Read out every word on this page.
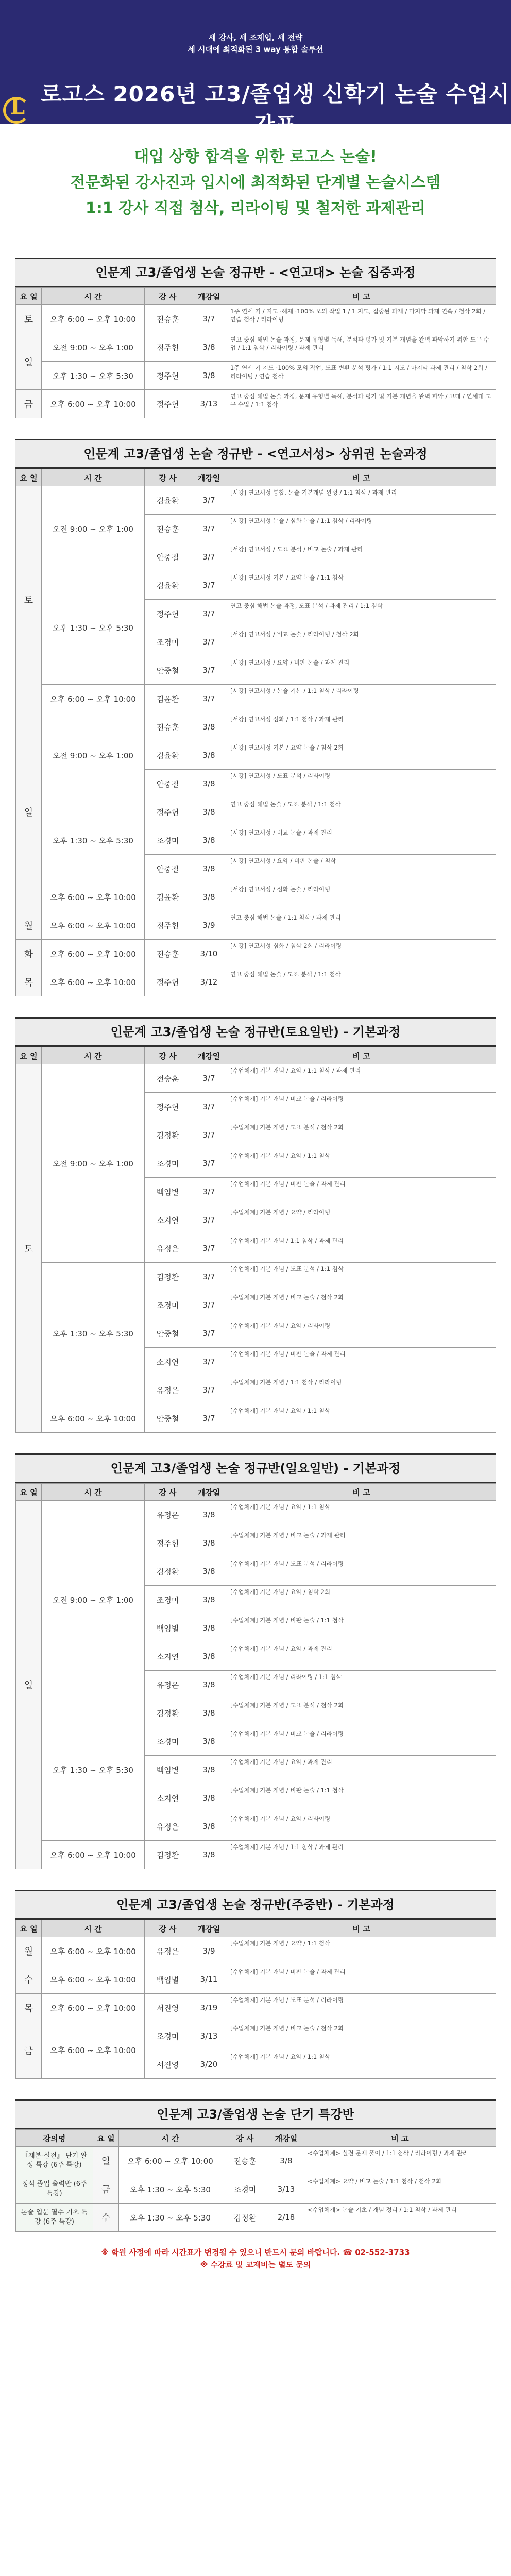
세 강사, 세 조제입, 세 전략
세 시대에 최적화된 3 way 통합 솔루션
L
로고스 2026년 고3/졸업생 신학기 논술 수업시간표
대입 상향 합격을 위한 로고스 논술!
전문화된 강사진과 입시에 최적화된 단계별 논술시스템
1:1 강사 직접 첨삭, 리라이팅 및 철저한 과제관리
인문계 고3/졸업생 논술 정규반 - <연고대> 논술 집중과정
요 일	시 간	강 사	개강일	비 고
토	오후 6:00 ~ 오후 10:00	전승훈	3/7	1주 연세 기 / 지도 ·해제 ·100% 모의 작업 1 / 1 지도, 집중된 과제 / 마지막 과제 연속 / 첨삭 2회 / 연습 첨삭 / 리라이팅
일	오전 9:00 ~ 오후 1:00	정주헌	3/8	연고 중심 해법 논술 과정, 문제 유형별 독해, 분석과 평가 및 기본 개념을 완벽 파악하기 위한 도구 수업 / 1:1 첨삭 / 리라이팅 / 과제 관리
	오후 1:30 ~ 오후 5:30	정주헌	3/8	1주 연세 기 지도 ·100% 모의 작업, 도표 변환 분석 평가 / 1:1 지도 / 마지막 과제 관리 / 첨삭 2회 / 리라이팅 / 연습 첨삭
금	오후 6:00 ~ 오후 10:00	정주헌	3/13	연고 중심 해법 논술 과정, 문제 유형별 독해, 분석과 평가 및 기본 개념을 완벽 파악 / 고대 / 연세대 도구 수업 / 1:1 첨삭
인문계 고3/졸업생 논술 정규반 - <연고서성> 상위권 논술과정
요 일	시 간	강 사	개강일	비 고
토	오전 9:00 ~ 오후 1:00	김윤환	3/7	[서강] 연고서성 통합, 논술 기본개념 완성 / 1:1 첨삭 / 과제 관리
		전승훈	3/7	[서강] 연고서성 논술 / 심화 논술 / 1:1 첨삭 / 리라이팅
		안중철	3/7	[서강] 연고서성 / 도표 분석 / 비교 논술 / 과제 관리
	오후 1:30 ~ 오후 5:30	김윤환	3/7	[서강] 연고서성 기본 / 요약 논술 / 1:1 첨삭
		정주헌	3/7	연고 중심 해법 논술 과정, 도표 분석 / 과제 관리 / 1:1 첨삭
		조경미	3/7	[서강] 연고서성 / 비교 논술 / 리라이팅 / 첨삭 2회
		안중철	3/7	[서강] 연고서성 / 요약 / 비판 논술 / 과제 관리
	오후 6:00 ~ 오후 10:00	김윤환	3/7	[서강] 연고서성 / 논술 기본 / 1:1 첨삭 / 리라이팅
일	오전 9:00 ~ 오후 1:00	전승훈	3/8	[서강] 연고서성 심화 / 1:1 첨삭 / 과제 관리
		김윤환	3/8	[서강] 연고서성 기본 / 요약 논술 / 첨삭 2회
		안중철	3/8	[서강] 연고서성 / 도표 분석 / 리라이팅
	오후 1:30 ~ 오후 5:30	정주헌	3/8	연고 중심 해법 논술 / 도표 분석 / 1:1 첨삭
		조경미	3/8	[서강] 연고서성 / 비교 논술 / 과제 관리
		안중철	3/8	[서강] 연고서성 / 요약 / 비판 논술 / 첨삭
	오후 6:00 ~ 오후 10:00	김윤환	3/8	[서강] 연고서성 / 심화 논술 / 리라이팅
월	오후 6:00 ~ 오후 10:00	정주헌	3/9	연고 중심 해법 논술 / 1:1 첨삭 / 과제 관리
화	오후 6:00 ~ 오후 10:00	전승훈	3/10	[서강] 연고서성 심화 / 첨삭 2회 / 리라이팅
목	오후 6:00 ~ 오후 10:00	정주헌	3/12	연고 중심 해법 논술 / 도표 분석 / 1:1 첨삭
인문계 고3/졸업생 논술 정규반(토요일반) - 기본과정
요 일	시 간	강 사	개강일	비 고
토	오전 9:00 ~ 오후 1:00	전승훈	3/7	[수업체계] 기본 개념 / 요약 / 1:1 첨삭 / 과제 관리
		정주헌	3/7	[수업체계] 기본 개념 / 비교 논술 / 리라이팅
		김정환	3/7	[수업체계] 기본 개념 / 도표 분석 / 첨삭 2회
		조경미	3/7	[수업체계] 기본 개념 / 요약 / 1:1 첨삭
		백임별	3/7	[수업체계] 기본 개념 / 비판 논술 / 과제 관리
		소지연	3/7	[수업체계] 기본 개념 / 요약 / 리라이팅
		유정은	3/7	[수업체계] 기본 개념 / 1:1 첨삭 / 과제 관리
	오후 1:30 ~ 오후 5:30	김정환	3/7	[수업체계] 기본 개념 / 도표 분석 / 1:1 첨삭
		조경미	3/7	[수업체계] 기본 개념 / 비교 논술 / 첨삭 2회
		안중철	3/7	[수업체계] 기본 개념 / 요약 / 리라이팅
		소지연	3/7	[수업체계] 기본 개념 / 비판 논술 / 과제 관리
		유정은	3/7	[수업체계] 기본 개념 / 1:1 첨삭 / 리라이팅
	오후 6:00 ~ 오후 10:00	안중철	3/7	[수업체계] 기본 개념 / 요약 / 1:1 첨삭
인문계 고3/졸업생 논술 정규반(일요일반) - 기본과정
요 일	시 간	강 사	개강일	비 고
일	오전 9:00 ~ 오후 1:00	유정은	3/8	[수업체계] 기본 개념 / 요약 / 1:1 첨삭
		정주헌	3/8	[수업체계] 기본 개념 / 비교 논술 / 과제 관리
		김정환	3/8	[수업체계] 기본 개념 / 도표 분석 / 리라이팅
		조경미	3/8	[수업체계] 기본 개념 / 요약 / 첨삭 2회
		백임별	3/8	[수업체계] 기본 개념 / 비판 논술 / 1:1 첨삭
		소지연	3/8	[수업체계] 기본 개념 / 요약 / 과제 관리
		유정은	3/8	[수업체계] 기본 개념 / 리라이팅 / 1:1 첨삭
	오후 1:30 ~ 오후 5:30	김정환	3/8	[수업체계] 기본 개념 / 도표 분석 / 첨삭 2회
		조경미	3/8	[수업체계] 기본 개념 / 비교 논술 / 리라이팅
		백임별	3/8	[수업체계] 기본 개념 / 요약 / 과제 관리
		소지연	3/8	[수업체계] 기본 개념 / 비판 논술 / 1:1 첨삭
		유정은	3/8	[수업체계] 기본 개념 / 요약 / 리라이팅
	오후 6:00 ~ 오후 10:00	김정환	3/8	[수업체계] 기본 개념 / 1:1 첨삭 / 과제 관리
인문계 고3/졸업생 논술 정규반(주중반) - 기본과정
요 일	시 간	강 사	개강일	비 고
월	오후 6:00 ~ 오후 10:00	유정은	3/9	[수업체계] 기본 개념 / 요약 / 1:1 첨삭
수	오후 6:00 ~ 오후 10:00	백임별	3/11	[수업체계] 기본 개념 / 비판 논술 / 과제 관리
목	오후 6:00 ~ 오후 10:00	서진영	3/19	[수업체계] 기본 개념 / 도표 분석 / 리라이팅
금	오후 6:00 ~ 오후 10:00	조경미	3/13	[수업체계] 기본 개념 / 비교 논술 / 첨삭 2회
		서진영	3/20	[수업체계] 기본 개념 / 요약 / 1:1 첨삭
인문계 고3/졸업생 논술 단기 특강반
강의명	요 일	시 간	강 사	개강일	비 고
『제본-실전』 단기 완성 특강 (6주 특강)	일	오후 6:00 ~ 오후 10:00	전승훈	3/8	<수업체계> 실전 문제 풀이 / 1:1 첨삭 / 리라이팅 / 과제 관리
정석 졸업 출력반 (6주 특강)	금	오후 1:30 ~ 오후 5:30	조경미	3/13	<수업체계> 요약 / 비교 논술 / 1:1 첨삭 / 첨삭 2회
논술 입문 필수 기초 특강 (6주 특강)	수	오후 1:30 ~ 오후 5:30	김정환	2/18	<수업체계> 논술 기초 / 개념 정리 / 1:1 첨삭 / 과제 관리
※ 학원 사정에 따라 시간표가 변경될 수 있으니 반드시 문의 바랍니다. ☎ 02-552-3733
※ 수강료 및 교재비는 별도 문의
